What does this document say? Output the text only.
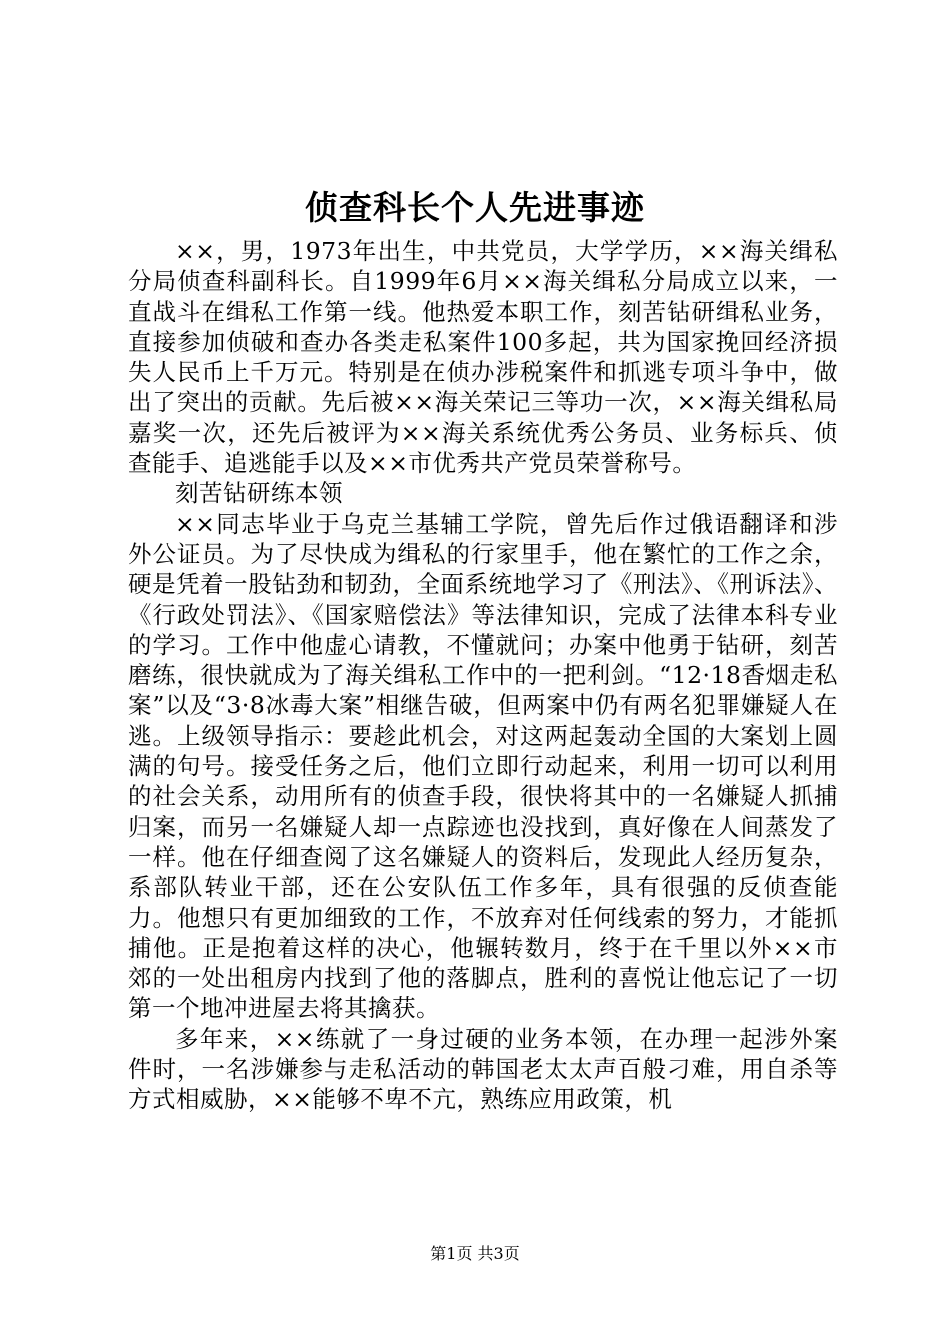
侦查科长个人先进事迹

××，男，1973年出生，中共党员，大学学历，××海关缉私分局侦查科副科长。自1999年6月××海关缉私分局成立以来，一直战斗在缉私工作第一线。他热爱本职工作，刻苦钻研缉私业务，直接参加侦破和查办各类走私案件100多起，共为国家挽回经济损失人民币上千万元。特别是在侦办涉税案件和抓逃专项斗争中，做出了突出的贡献。先后被××海关荣记三等功一次，××海关缉私局嘉奖一次，还先后被评为××海关系统优秀公务员、业务标兵、侦查能手、追逃能手以及××市优秀共产党员荣誉称号。

刻苦钻研练本领

××同志毕业于乌克兰基辅工学院，曾先后作过俄语翻译和涉外公证员。为了尽快成为缉私的行家里手，他在繁忙的工作之余，硬是凭着一股钻劲和韧劲，全面系统地学习了《刑法》、《刑诉法》、《行政处罚法》、《国家赔偿法》等法律知识，完成了法律本科专业的学习。工作中他虚心请教，不懂就问；办案中他勇于钻研，刻苦磨练，很快就成为了海关缉私工作中的一把利剑。“12·18香烟走私案”以及“3·8冰毒大案”相继告破，但两案中仍有两名犯罪嫌疑人在逃。上级领导指示：要趁此机会，对这两起轰动全国的大案划上圆满的句号。接受任务之后，他们立即行动起来，利用一切可以利用的社会关系，动用所有的侦查手段，很快将其中的一名嫌疑人抓捕归案，而另一名嫌疑人却一点踪迹也没找到，真好像在人间蒸发了一样。他在仔细查阅了这名嫌疑人的资料后，发现此人经历复杂，系部队转业干部，还在公安队伍工作多年，具有很强的反侦查能力。他想只有更加细致的工作，不放弃对任何线索的努力，才能抓捕他。正是抱着这样的决心，他辗转数月，终于在千里以外××市郊的一处出租房内找到了他的落脚点，胜利的喜悦让他忘记了一切第一个地冲进屋去将其擒获。

多年来，××练就了一身过硬的业务本领，在办理一起涉外案件时，一名涉嫌参与走私活动的韩国老太太声百般刁难，用自杀等方式相威胁，××能够不卑不亢，熟练应用政策，机

第1页 共3页
